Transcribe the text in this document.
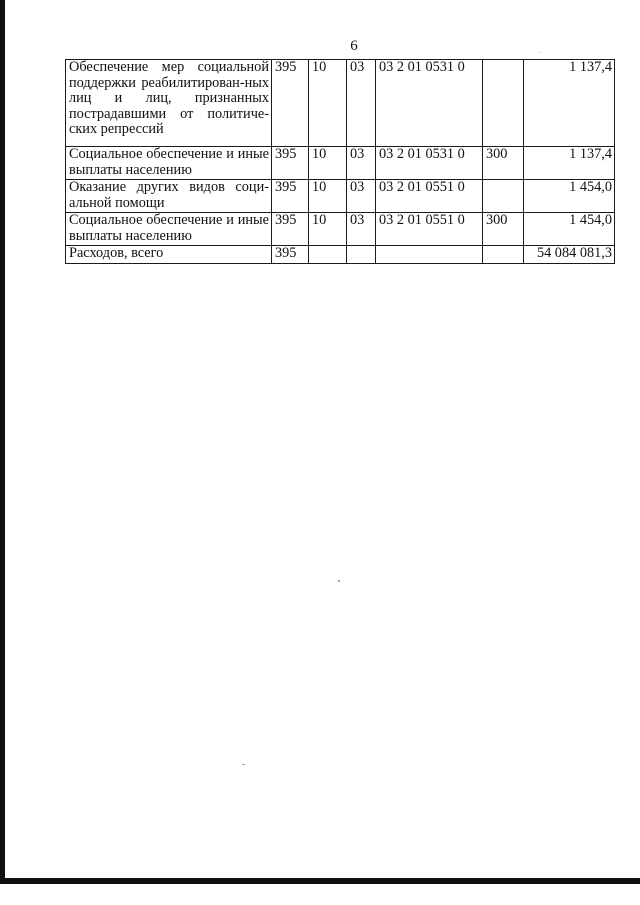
6
Обеспечение мер социальной поддержки реабилитирован-ных лиц и лиц, признанных пострадавшими от политиче-ских репрессий	395	10	03	03 2 01 0531 0		1 137,4
Социальное обеспечение и иные выплаты населению	395	10	03	03 2 01 0531 0	300	1 137,4
Оказание других видов соци-альной помощи	395	10	03	03 2 01 0551 0		1 454,0
Социальное обеспечение и иные выплаты населению	395	10	03	03 2 01 0551 0	300	1 454,0
Расходов, всего	395					54 084 081,3
